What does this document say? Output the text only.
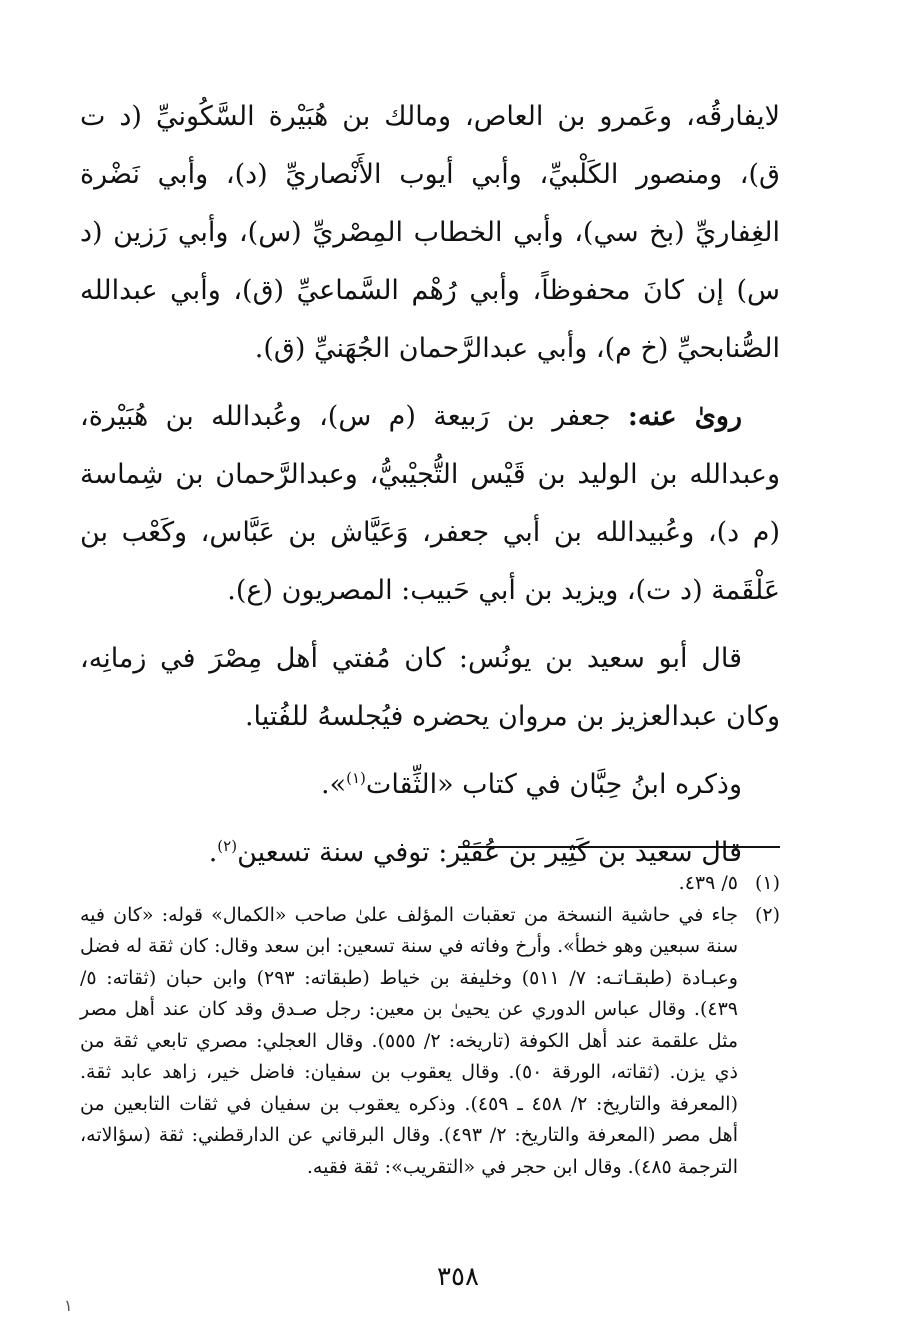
لايفارقُه، وعَمرو بن العاص، ومالك بن هُبَيْرة السَّكُونيِّ (د ت ق)، ومنصور الكَلْبيِّ، وأبي أيوب الأَنْصاريِّ (د)، وأبي نَضْرة الغِفاريِّ (بخ سي)، وأبي الخطاب المِصْريِّ (س)، وأبي رَزين (د س) إن كانَ محفوظاً، وأبي رُهْم السَّماعيِّ (ق)، وأبي عبدالله الصُّنابحيِّ (خ م)، وأبي عبدالرَّحمان الجُهَنيِّ (ق).

روىٰ عنه: جعفر بن رَبيعة (م س)، وعُبدالله بن هُبَيْرة، وعبدالله بن الوليد بن قَيْس التُّجيْبيُّ، وعبدالرَّحمان بن شِماسة (م د)، وعُبيدالله بن أبي جعفر، وَعَيَّاش بن عَبَّاس، وكَعْب بن عَلْقَمة (د ت)، ويزيد بن أبي حَبيب: المصريون (ع).

قال أبو سعيد بن يونُس: كان مُفتي أهل مِصْرَ في زمانِه، وكان عبدالعزيز بن مروان يحضره فيُجلسهُ للفُتيا.

وذكره ابنُ حِبَّان في كتاب «الثِّقات$^{(١)}$».

قال سعيد بن كَثِير بن عُفَيْر: توفي سنة تسعين$^{(٢)}$.

(١)
٥/ ٤٣٩.
(٢)
جاء في حاشية النسخة من تعقبات المؤلف علىٰ صاحب «الكمال» قوله: «كان فيه سنة سبعين وهو خطأ». وأرخ وفاته في سنة تسعين: ابن سعد وقال: كان ثقة له فضل وعبـادة (طبقـاتـه: ٧/ ٥١١) وخليفة بن خياط (طبقاته: ٢٩٣) وابن حبان (ثقاته: ٥/ ٤٣٩). وقال عباس الدوري عن يحيىٰ بن معين: رجل صـدق وقد كان عند أهل مصر مثل علقمة عند أهل الكوفة (تاريخه: ٢/ ٥٥٥). وقال العجلي: مصري تابعي ثقة من ذي يزن. (ثقاته، الورقة ٥٠). وقال يعقوب بن سفيان: فاضل خير، زاهد عابد ثقة. (المعرفة والتاريخ: ٢/ ٤٥٨ ـ ٤٥٩). وذكره يعقوب بن سفيان في ثقات التابعين من أهل مصر (المعرفة والتاريخ: ٢/ ٤٩٣). وقال البرقاني عن الدارقطني: ثقة (سؤالاته، الترجمة ٤٨٥). وقال ابن حجر في «التقريب»: ثقة فقيه.
٣٥٨
١
